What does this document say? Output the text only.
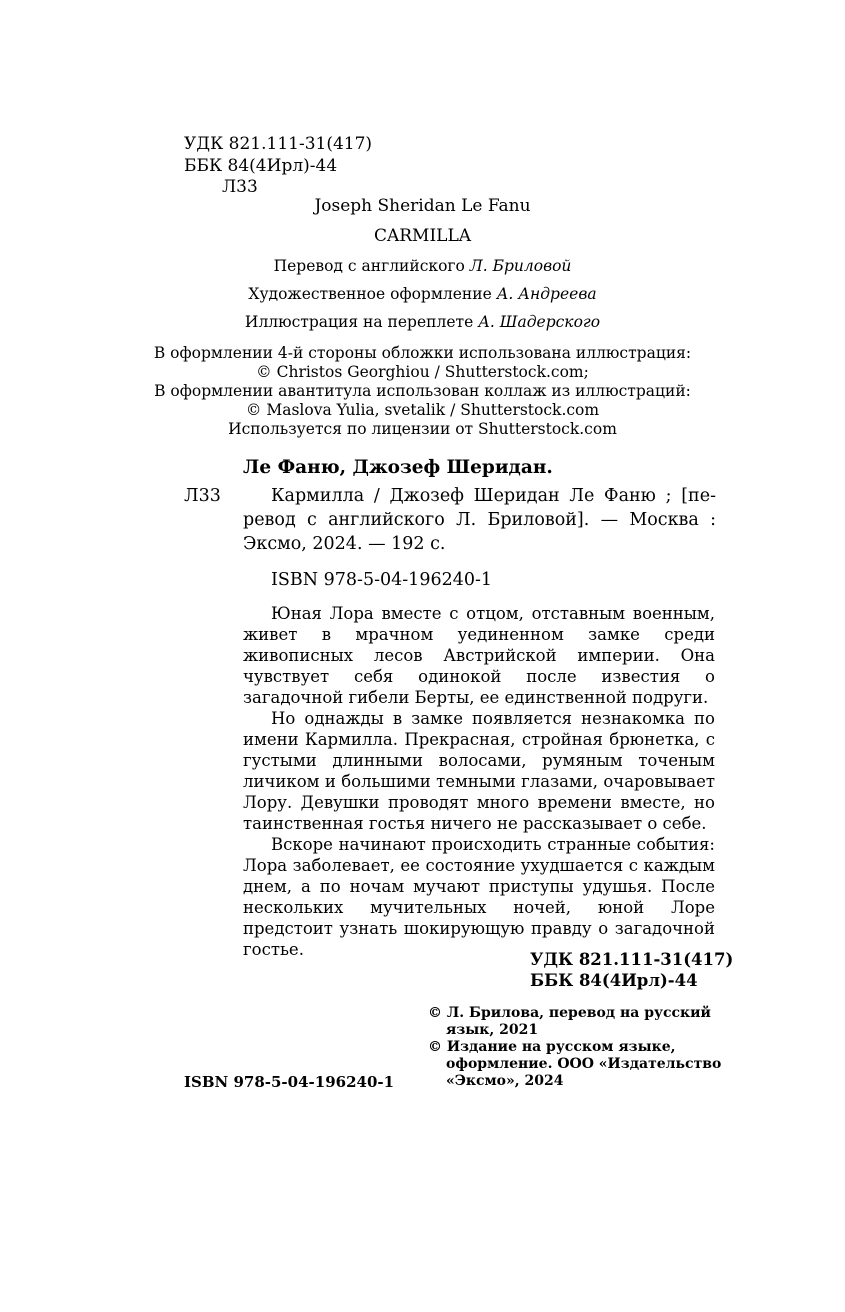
УДК 821.111-31(417)
ББК 84(4Ирл)-44
Л33
Joseph Sheridan Le Fanu
CARMILLA
Перевод с английского Л. Бриловой
Художественное оформление А. Андреева
Иллюстрация на переплете А. Шадерского
В оформлении 4-й стороны обложки использована иллюстрация:
© Christos Georghiou / Shutterstock.com;
В оформлении авантитула использован коллаж из иллюстраций:
© Maslova Yulia, svetalik / Shutterstock.com
Используется по лицензии от Shutterstock.com
Ле Фаню, Джозеф Шеридан.
Л33	Кармилла / Джозеф Шеридан Ле Фаню ; [пе-
ревод с английского Л. Бриловой]. — Москва :
Эксмо, 2024. — 192 с.
ISBN 978-5-04-196240-1

Юная Лора вместе с отцом, отставным военным, живет в мрачном уединенном замке среди живописных лесов Австрийской империи. Она чувствует себя одинокой после известия о загадочной гибели Берты, ее единственной подруги.

Но однажды в замке появляется незнакомка по имени Кармилла. Прекрасная, стройная брюнетка, с густыми длинными волосами, румяным точеным личиком и большими темными глазами, очаровывает Лору. Девушки проводят много времени вместе, но таинственная гостья ничего не рассказывает о себе.

Вскоре начинают происходить странные события: Лора заболевает, ее состояние ухудшается с каждым днем, а по ночам мучают приступы удушья. После нескольких мучительных ночей, юной Лоре предстоит узнать шокирующую правду о загадочной гостье.

УДК 821.111-31(417)
ББК 84(4Ирл)-44
ISBN 978-5-04-196240-1
© Л. Брилова, перевод на русский язык, 2021
© Издание на русском языке, оформление. ООО «Издательство «Эксмо», 2024
